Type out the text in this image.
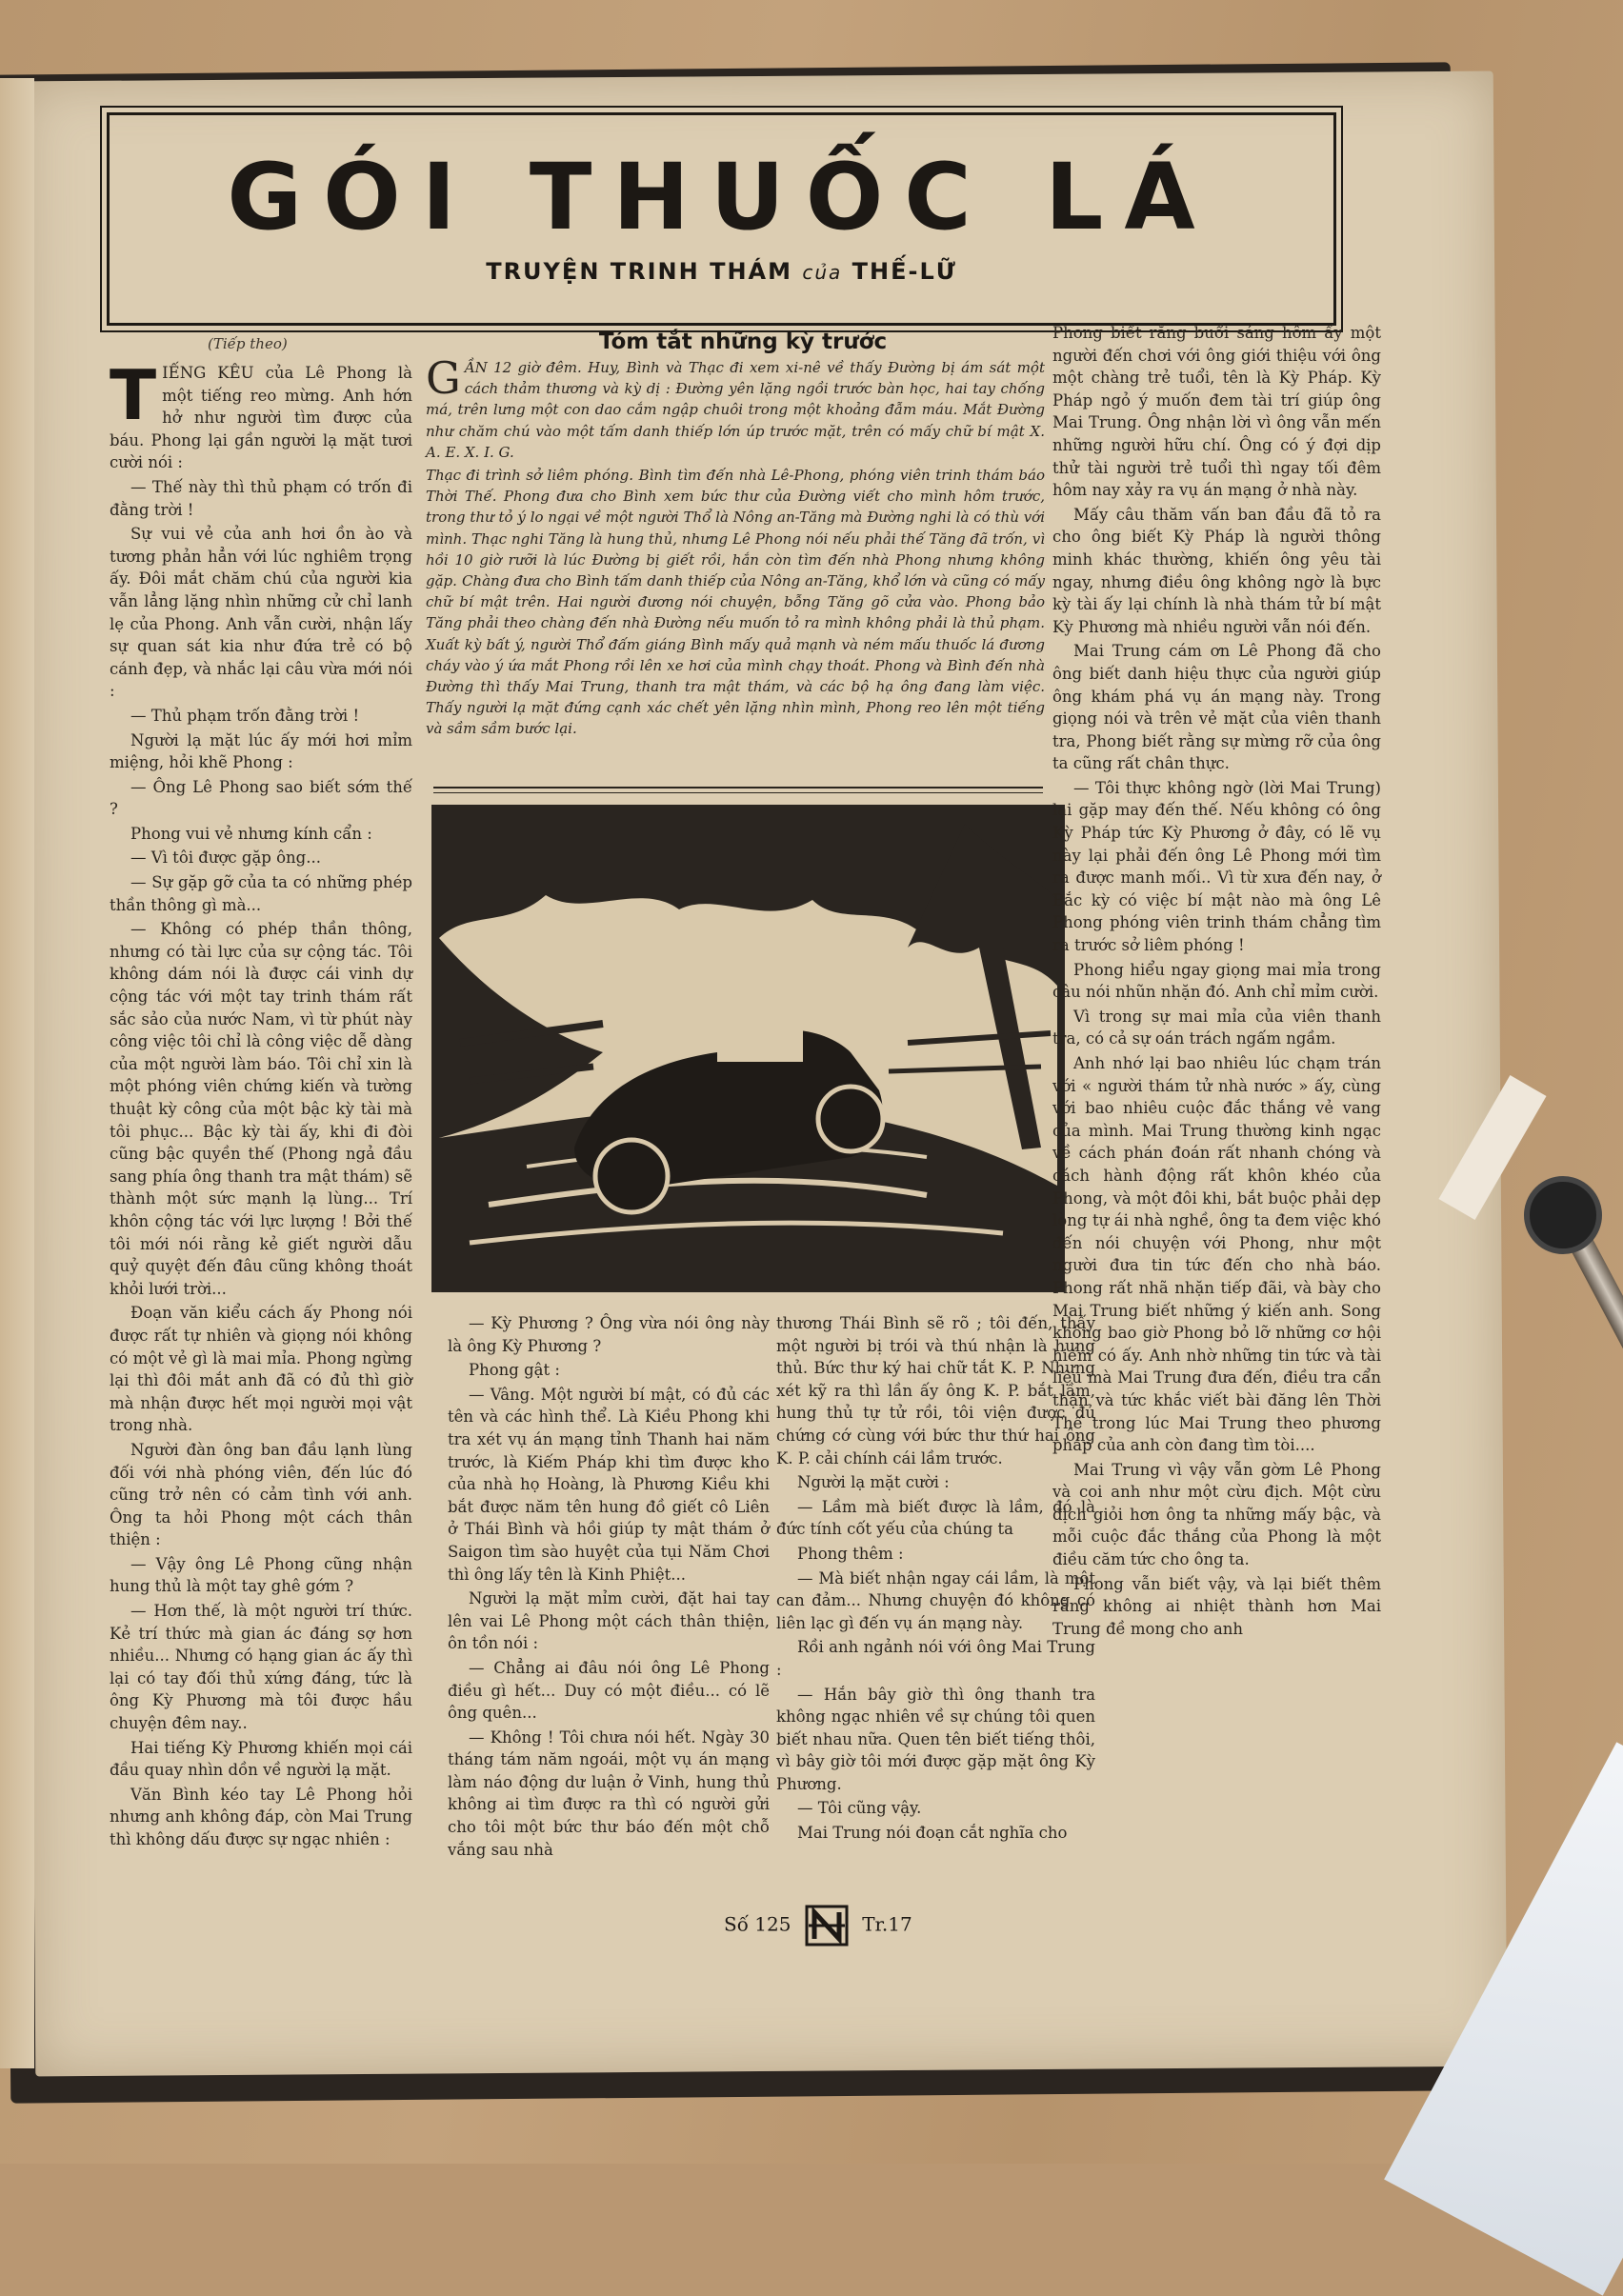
GÓI THUỐC LÁ
TRUYỆN TRINH THÁM của THẾ-LỮ
(Tiếp theo)
T IẾNG KÊU của Lê Phong là một tiếng reo mừng. Anh hớn hở như người tìm được của báu. Phong lại gần người lạ mặt tươi cười nói :

— Thế này thì thủ phạm có trốn đi đằng trời !

Sự vui vẻ của anh hơi ồn ào và tương phản hẳn với lúc nghiêm trọng ấy. Đôi mắt chăm chú của người kia vẫn lẳng lặng nhìn những cử chỉ lanh lẹ của Phong. Anh vẫn cười, nhận lấy sự quan sát kia như đứa trẻ có bộ cánh đẹp, và nhắc lại câu vừa mới nói :

— Thủ phạm trốn đằng trời !

Người lạ mặt lúc ấy mới hơi mỉm miệng, hỏi khẽ Phong :

— Ông Lê Phong sao biết sớm thế ?

Phong vui vẻ nhưng kính cẩn :

— Vì tôi được gặp ông...

— Sự gặp gỡ của ta có những phép thần thông gì mà...

— Không có phép thần thông, nhưng có tài lực của sự cộng tác. Tôi không dám nói là được cái vinh dự cộng tác với một tay trinh thám rất sắc sảo của nước Nam, vì từ phút này công việc tôi chỉ là công việc dễ dàng của một người làm báo. Tôi chỉ xin là một phóng viên chứng kiến và tường thuật kỳ công của một bậc kỳ tài mà tôi phục... Bậc kỳ tài ấy, khi đi đòi cũng bậc quyền thế (Phong ngả đầu sang phía ông thanh tra mật thám) sẽ thành một sức mạnh lạ lùng... Trí khôn cộng tác với lực lượng ! Bởi thế tôi mới nói rằng kẻ giết người dẫu quỷ quyệt đến đâu cũng không thoát khỏi lưới trời...

Đoạn văn kiểu cách ấy Phong nói được rất tự nhiên và giọng nói không có một vẻ gì là mai mỉa. Phong ngừng lại thì đôi mắt anh đã có đủ thì giờ mà nhận được hết mọi người mọi vật trong nhà.

Người đàn ông ban đầu lạnh lùng đối với nhà phóng viên, đến lúc đó cũng trở nên có cảm tình với anh. Ông ta hỏi Phong một cách thân thiện :

— Vậy ông Lê Phong cũng nhận hung thủ là một tay ghê gớm ?

— Hơn thế, là một người trí thức. Kẻ trí thức mà gian ác đáng sợ hơn nhiều... Nhưng có hạng gian ác ấy thì lại có tay đối thủ xứng đáng, tức là ông Kỳ Phương mà tôi được hầu chuyện đêm nay..

Hai tiếng Kỳ Phương khiến mọi cái đầu quay nhìn dồn về người lạ mặt.

Văn Bình kéo tay Lê Phong hỏi nhưng anh không đáp, còn Mai Trung thì không dấu được sự ngạc nhiên :

Tóm tắt những kỳ trước

GẦN 12 giờ đêm. Huy, Bình và Thạc đi xem xi-nê về thấy Đường bị ám sát một cách thảm thương và kỳ dị : Đường yên lặng ngồi trước bàn học, hai tay chống má, trên lưng một con dao cắm ngập chuôi trong một khoảng đẫm máu. Mắt Đường như chăm chú vào một tấm danh thiếp lớn úp trước mặt, trên có mấy chữ bí mật X. A. E. X. I. G.

Thạc đi trình sở liêm phóng. Bình tìm đến nhà Lê-Phong, phóng viên trinh thám báo Thời Thế. Phong đưa cho Bình xem bức thư của Đường viết cho mình hôm trước, trong thư tỏ ý lo ngại về một người Thổ là Nông an-Tăng mà Đường nghi là có thù với mình. Thạc nghi Tăng là hung thủ, nhưng Lê Phong nói nếu phải thế Tăng đã trốn, vì hồi 10 giờ rưỡi là lúc Đường bị giết rồi, hắn còn tìm đến nhà Phong nhưng không gặp. Chàng đưa cho Bình tấm danh thiếp của Nông an-Tăng, khổ lớn và cũng có mấy chữ bí mật trên. Hai người đương nói chuyện, bỗng Tăng gõ cửa vào. Phong bảo Tăng phải theo chàng đến nhà Đường nếu muốn tỏ ra mình không phải là thủ phạm. Xuất kỳ bất ý, người Thổ đấm giáng Bình mấy quả mạnh và ném mấu thuốc lá đương cháy vào ý ứa mắt Phong rồi lên xe hơi của mình chạy thoát. Phong và Bình đến nhà Đường thì thấy Mai Trung, thanh tra mật thám, và các bộ hạ ông đang làm việc. Thấy người lạ mặt đứng cạnh xác chết yên lặng nhìn mình, Phong reo lên một tiếng và sầm sầm bước lại.

— Kỳ Phương ? Ông vừa nói ông này là ông Kỳ Phương ?

Phong gật :

— Vâng. Một người bí mật, có đủ các tên và các hình thể. Là Kiều Phong khi tra xét vụ án mạng tỉnh Thanh hai năm trước, là Kiếm Pháp khi tìm được kho của nhà họ Hoàng, là Phương Kiều khi bắt được năm tên hung đồ giết cô Liên ở Thái Bình và hồi giúp ty mật thám ở Saigon tìm sào huyệt của tụi Năm Chơi thì ông lấy tên là Kinh Phiệt...

Người lạ mặt mỉm cười, đặt hai tay lên vai Lê Phong một cách thân thiện, ôn tồn nói :

— Chẳng ai đâu nói ông Lê Phong điều gì hết... Duy có một điều... có lẽ ông quên...

— Không ! Tôi chưa nói hết. Ngày 30 tháng tám năm ngoái, một vụ án mạng làm náo động dư luận ở Vinh, hung thủ không ai tìm được ra thì có người gửi cho tôi một bức thư báo đến một chỗ vắng sau nhà

thương Thái Bình sẽ rõ ; tôi đến, thấy một người bị trói và thú nhận là hung thủ. Bức thư ký hai chữ tắt K. P. Nhưng xét kỹ ra thì lần ấy ông K. P. bắt lầm, hung thủ tự tử rồi, tôi viện được đủ chứng cớ cùng với bức thư thứ hai ông K. P. cải chính cái lầm trước.

Người lạ mặt cười :

— Lầm mà biết được là lầm, đó là đức tính cốt yếu của chúng ta

Phong thêm :

— Mà biết nhận ngay cái lầm, là một can đảm... Nhưng chuyện đó không có liên lạc gì đến vụ án mạng này.

Rồi anh ngảnh nói với ông Mai Trung :

— Hắn bây giờ thì ông thanh tra không ngạc nhiên về sự chúng tôi quen biết nhau nữa. Quen tên biết tiếng thôi, vì bây giờ tôi mới được gặp mặt ông Kỳ Phương.

— Tôi cũng vậy.

Mai Trung nói đoạn cắt nghĩa cho

Phong biết rằng buổi sáng hôm ấy một người đến chơi với ông giới thiệu với ông một chàng trẻ tuổi, tên là Kỳ Pháp. Kỳ Pháp ngỏ ý muốn đem tài trí giúp ông Mai Trung. Ông nhận lời vì ông vẫn mến những người hữu chí. Ông có ý đợi dịp thử tài người trẻ tuổi thì ngay tối đêm hôm nay xảy ra vụ án mạng ở nhà này.

Mấy câu thăm vấn ban đầu đã tỏ ra cho ông biết Kỳ Pháp là người thông minh khác thường, khiến ông yêu tài ngay, nhưng điều ông không ngờ là bực kỳ tài ấy lại chính là nhà thám tử bí mật Kỳ Phương mà nhiều người vẫn nói đến.

Mai Trung cám ơn Lê Phong đã cho ông biết danh hiệu thực của người giúp ông khám phá vụ án mạng này. Trong giọng nói và trên vẻ mặt của viên thanh tra, Phong biết rằng sự mừng rỡ của ông ta cũng rất chân thực.

— Tôi thực không ngờ (lời Mai Trung) lại gặp may đến thế. Nếu không có ông Kỳ Pháp tức Kỳ Phương ở đây, có lẽ vụ này lại phải đến ông Lê Phong mới tìm ra được manh mối.. Vì từ xưa đến nay, ở Bắc kỳ có việc bí mật nào mà ông Lê Phong phóng viên trinh thám chẳng tìm ra trước sở liêm phóng !

Phong hiểu ngay giọng mai mỉa trong câu nói nhũn nhặn đó. Anh chỉ mỉm cười.

Vì trong sự mai mỉa của viên thanh tra, có cả sự oán trách ngấm ngầm.

Anh nhớ lại bao nhiêu lúc chạm trán với « người thám tử nhà nước » ấy, cùng với bao nhiêu cuộc đắc thắng vẻ vang của mình. Mai Trung thường kinh ngạc về cách phán đoán rất nhanh chóng và cách hành động rất khôn khéo của Phong, và một đôi khi, bắt buộc phải dẹp lòng tự ái nhà nghề, ông ta đem việc khó đến nói chuyện với Phong, như một người đưa tin tức đến cho nhà báo. Phong rất nhã nhặn tiếp đãi, và bày cho Mai Trung biết những ý kiến anh. Song không bao giờ Phong bỏ lỡ những cơ hội hiếm có ấy. Anh nhờ những tin tức và tài liệu mà Mai Trung đưa đến, điều tra cẩn thận và tức khắc viết bài đăng lên Thời Thế trong lúc Mai Trung theo phương pháp của anh còn đang tìm tòi....

Mai Trung vì vậy vẫn gờm Lê Phong và coi anh như một cừu địch. Một cừu địch giỏi hơn ông ta những mấy bậc, và mỗi cuộc đắc thắng của Phong là một điều căm tức cho ông ta.

Phong vẫn biết vậy, và lại biết thêm rằng không ai nhiệt thành hơn Mai Trung đề mong cho anh

Số 125	Tr.17
